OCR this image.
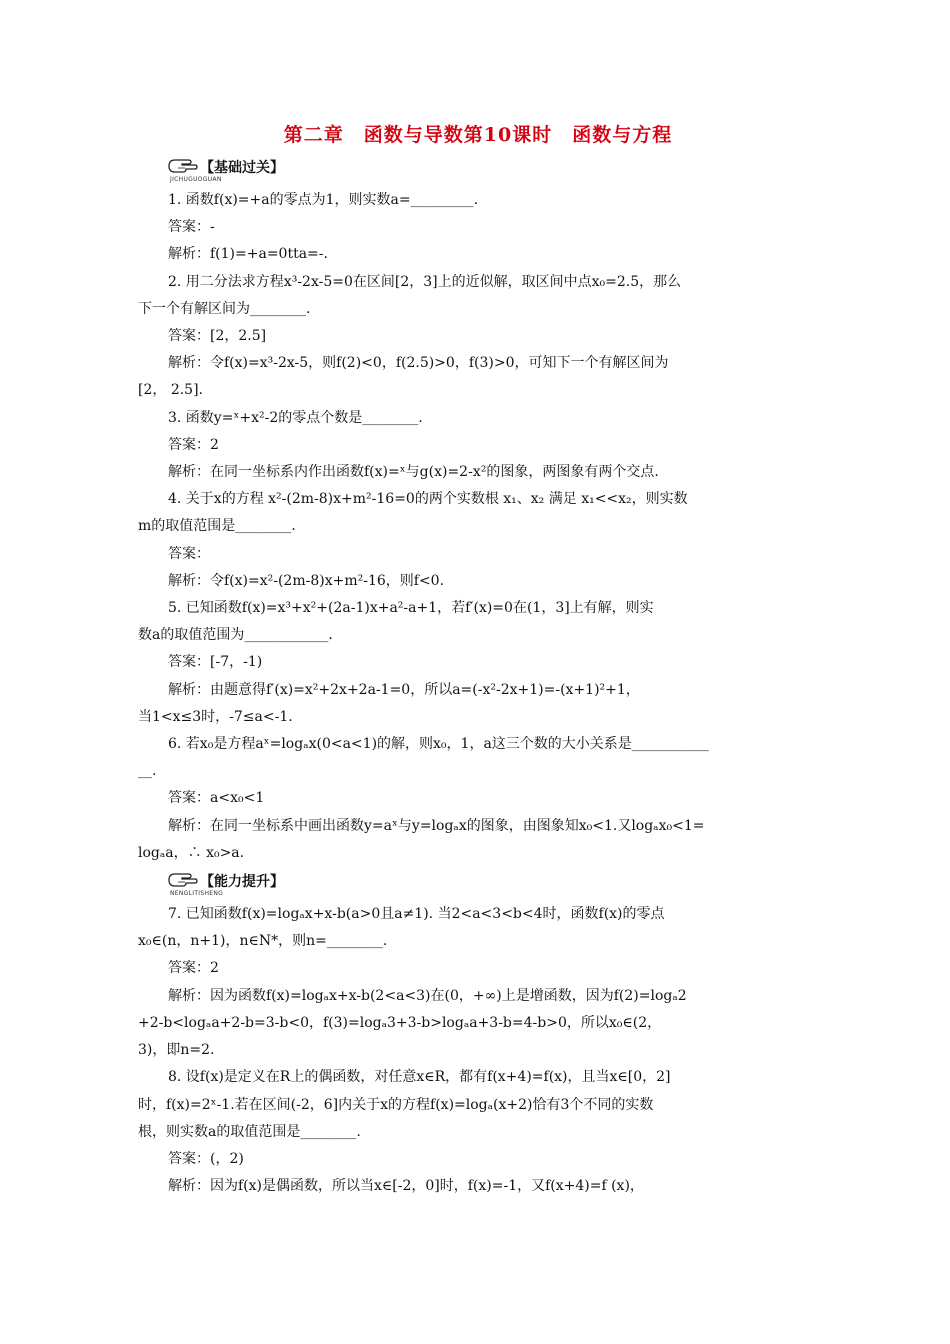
第二章　函数与导数第10课时　函数与方程
【基础过关】
JICHUGUOGUAN

1. 函数f(x)=+a的零点为1，则实数a=_________.

答案：-

解析：f(1)=+a=0ttа=-.

2. 用二分法求方程x³-2x-5=0在区间[2，3]上的近似解，取区间中点x₀=2.5，那么

下一个有解区间为________.

答案：[2，2.5]

解析：令f(x)=x³-2x-5，则f(2)<0，f(2.5)>0，f(3)>0，可知下一个有解区间为

[2， 2.5].

3. 函数y=ˣ+x²-2的零点个数是________.

答案：2

解析：在同一坐标系内作出函数f(x)=ˣ与g(x)=2-x²的图象，两图象有两个交点.

4. 关于x的方程 x²-(2m-8)x+m²-16=0的两个实数根 x₁、x₂ 满足 x₁<<x₂，则实数

m的取值范围是________.

答案：

解析：令f(x)=x²-(2m-8)x+m²-16，则f<0.

5. 已知函数f(x)=x³+x²+(2a-1)x+a²-a+1，若f′(x)=0在(1，3]上有解，则实

数a的取值范围为____________.

答案：[-7，-1)

解析：由题意得f′(x)=x²+2x+2a-1=0，所以a=(-x²-2x+1)=-(x+1)²+1，

当1<x≤3时，-7≤a<-1.

6. 若x₀是方程aˣ=logₐx(0<a<1)的解，则x₀，1，a这三个数的大小关系是___________

__.

答案：a<x₀<1

解析：在同一坐标系中画出函数y=aˣ与y=logₐx的图象，由图象知x₀<1.又logₐx₀<1=

logₐa，∴ x₀>a.

【能力提升】
NENGLITISHENG

7. 已知函数f(x)=logₐx+x-b(a>0且a≠1). 当2<a<3<b<4时，函数f(x)的零点

x₀∈(n，n+1)，n∈N*，则n=________.

答案：2

解析：因为函数f(x)=logₐx+x-b(2<a<3)在(0，+∞)上是增函数，因为f(2)=logₐ2

+2-b<logₐa+2-b=3-b<0，f(3)=logₐ3+3-b>logₐa+3-b=4-b>0，所以x₀∈(2，

3)，即n=2.

8. 设f(x)是定义在R上的偶函数，对任意x∈R，都有f(x+4)=f(x)，且当x∈[0，2]

时，f(x)=2ˣ-1.若在区间(-2，6]内关于x的方程f(x)=logₐ(x+2)恰有3个不同的实数

根，则实数a的取值范围是________.

答案：(，2)

解析：因为f(x)是偶函数，所以当x∈[-2，0]时，f(x)=-1，又f(x+4)=f (x)，
